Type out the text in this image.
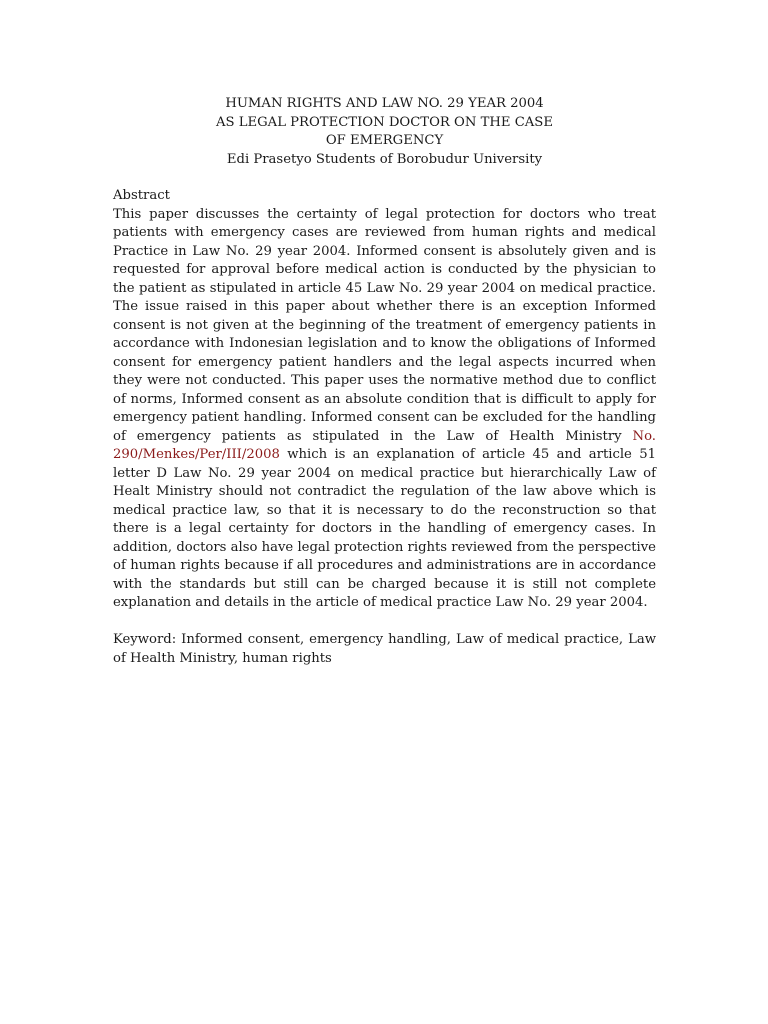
HUMAN RIGHTS AND LAW NO. 29 YEAR 2004
AS LEGAL PROTECTION DOCTOR ON THE CASE
OF EMERGENCY
Edi Prasetyo Students of Borobudur University
Abstract
This paper discusses the certainty of legal protection for doctors who treat patients with emergency cases are reviewed from human rights and medical Practice in Law No. 29 year 2004. Informed consent is absolutely given and is requested for approval before medical action is conducted by the physician to the patient as stipulated in article 45 Law No. 29 year 2004 on medical practice. The issue raised in this paper about whether there is an exception Informed consent is not given at the beginning of the treatment of emergency patients in accordance with Indonesian legislation and to know the obligations of Informed consent for emergency patient handlers and the legal aspects incurred when they were not conducted. This paper uses the normative method due to conflict of norms, Informed consent as an absolute condition that is difficult to apply for emergency patient handling. Informed consent can be excluded for the handling of emergency patients as stipulated in the Law of Health Ministry No. 290/Menkes/Per/III/2008 which is an explanation of article 45 and article 51 letter D Law No. 29 year 2004 on medical practice but hierarchically Law of Healt Ministry should not contradict the regulation of the law above which is medical practice law, so that it is necessary to do the reconstruction so that there is a legal certainty for doctors in the handling of emergency cases. In addition, doctors also have legal protection rights reviewed from the perspective of human rights because if all procedures and administrations are in accordance with the standards but still can be charged because it is still not complete explanation and details in the article of medical practice Law No. 29 year 2004.
Keyword: Informed consent, emergency handling, Law of medical practice, Law of Health Ministry, human rights
